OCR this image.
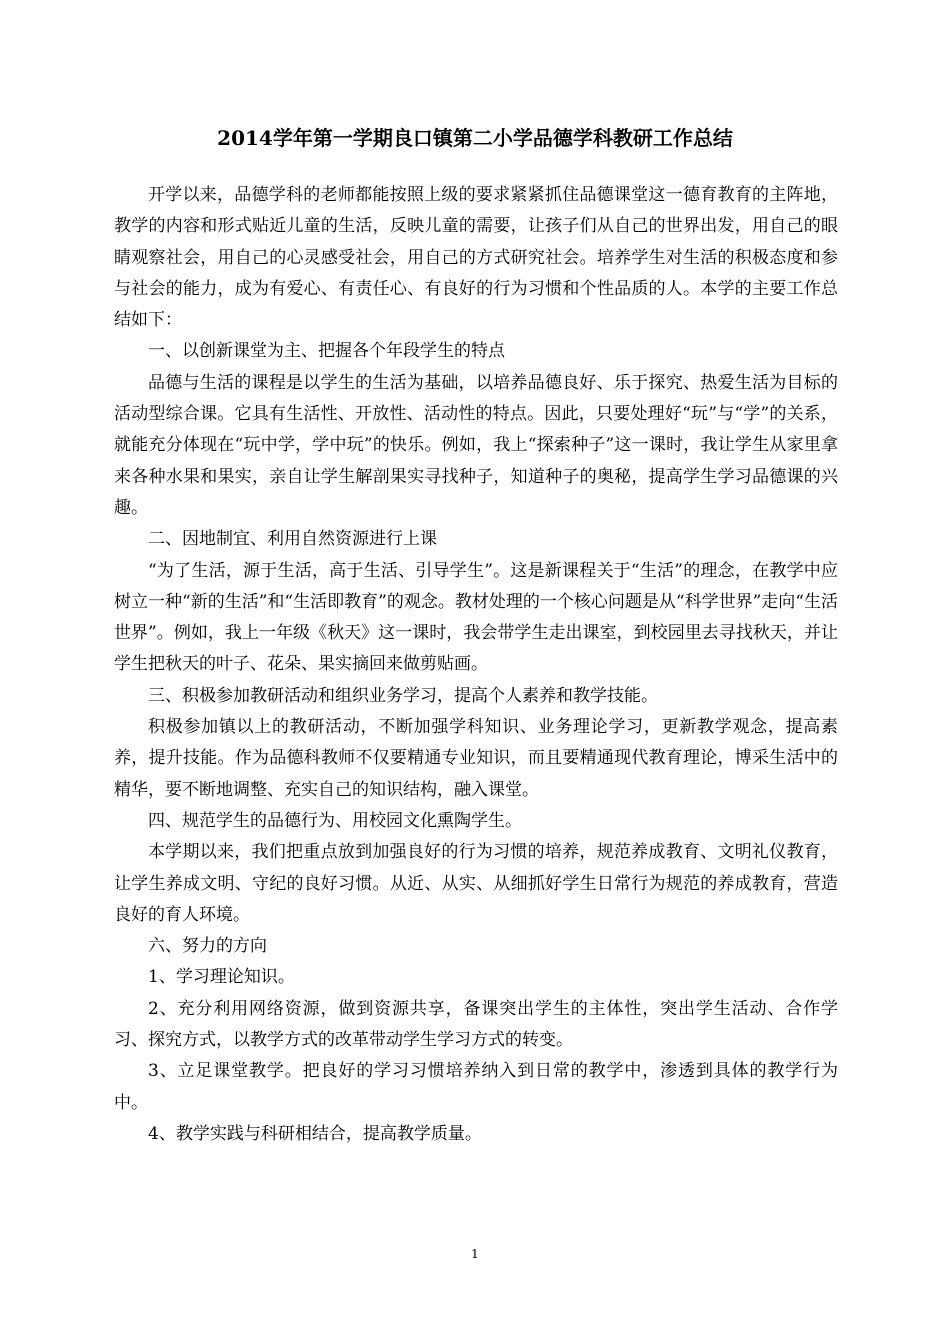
2014学年第一学期良口镇第二小学品德学科教研工作总结

开学以来，品德学科的老师都能按照上级的要求紧紧抓住品德课堂这一德育教育的主阵地，教学的内容和形式贴近儿童的生活，反映儿童的需要，让孩子们从自己的世界出发，用自己的眼睛观察社会，用自己的心灵感受社会，用自己的方式研究社会。培养学生对生活的积极态度和参与社会的能力，成为有爱心、有责任心、有良好的行为习惯和个性品质的人。本学的主要工作总结如下：

一、以创新课堂为主、把握各个年段学生的特点

品德与生活的课程是以学生的生活为基础，以培养品德良好、乐于探究、热爱生活为目标的活动型综合课。它具有生活性、开放性、活动性的特点。因此，只要处理好“玩”与“学”的关系，就能充分体现在“玩中学，学中玩”的快乐。例如，我上“探索种子”这一课时，我让学生从家里拿来各种水果和果实，亲自让学生解剖果实寻找种子，知道种子的奥秘，提高学生学习品德课的兴趣。

二、因地制宜、利用自然资源进行上课

“为了生活，源于生活，高于生活、引导学生”。这是新课程关于“生活”的理念，在教学中应树立一种“新的生活”和“生活即教育”的观念。教材处理的一个核心问题是从“科学世界”走向“生活世界”。例如，我上一年级《秋天》这一课时，我会带学生走出课室，到校园里去寻找秋天，并让学生把秋天的叶子、花朵、果实摘回来做剪贴画。

三、积极参加教研活动和组织业务学习，提高个人素养和教学技能。

积极参加镇以上的教研活动，不断加强学科知识、业务理论学习，更新教学观念，提高素养，提升技能。作为品德科教师不仅要精通专业知识，而且要精通现代教育理论，博采生活中的精华，要不断地调整、充实自己的知识结构，融入课堂。

四、规范学生的品德行为、用校园文化熏陶学生。

本学期以来，我们把重点放到加强良好的行为习惯的培养，规范养成教育、文明礼仪教育，让学生养成文明、守纪的良好习惯。从近、从实、从细抓好学生日常行为规范的养成教育，营造良好的育人环境。

六、努力的方向

1、学习理论知识。

2、充分利用网络资源，做到资源共享，备课突出学生的主体性，突出学生活动、合作学习、探究方式，以教学方式的改革带动学生学习方式的转变。

3、立足课堂教学。把良好的学习习惯培养纳入到日常的教学中，渗透到具体的教学行为中。

4、教学实践与科研相结合，提高教学质量。

1
